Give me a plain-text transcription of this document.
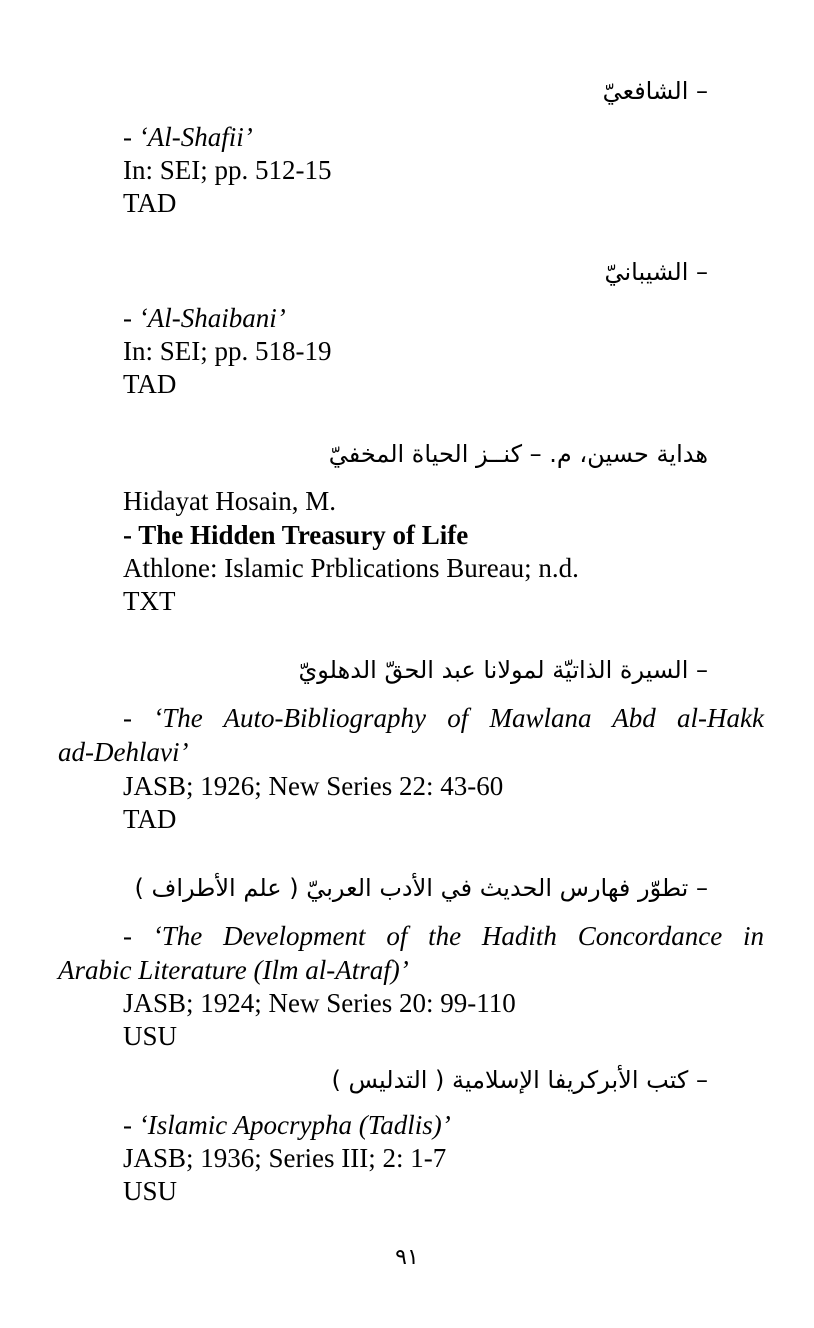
– الشافعيّ
- ‘Al-Shafii’
In: SEI; pp. 512-15
TAD
– الشيبانيّ
- ‘Al-Shaibani’
In: SEI; pp. 518-19
TAD
هداية حسين، م. – كنــز الحياة المخفيّ
Hidayat Hosain, M.
- The Hidden Treasury of Life
Athlone: Islamic Prblications Bureau; n.d.
TXT
– السيرة الذاتيّة لمولانا عبد الحقّ الدهلويّ
- ‘The Auto-Bibliography of Mawlana Abd al-Hakk
ad-Dehlavi’
JASB; 1926; New Series 22: 43-60
TAD
– تطوّر فهارس الحديث في الأدب العربيّ ( علم الأطراف )
- ‘The Development of the Hadith Concordance in
Arabic Literature (Ilm al-Atraf)’
JASB; 1924; New Series 20: 99-110
USU
– كتب الأبركريفا الإسلامية ( التدليس )
- ‘Islamic Apocrypha (Tadlis)’
JASB; 1936; Series III; 2: 1-7
USU
٩١
